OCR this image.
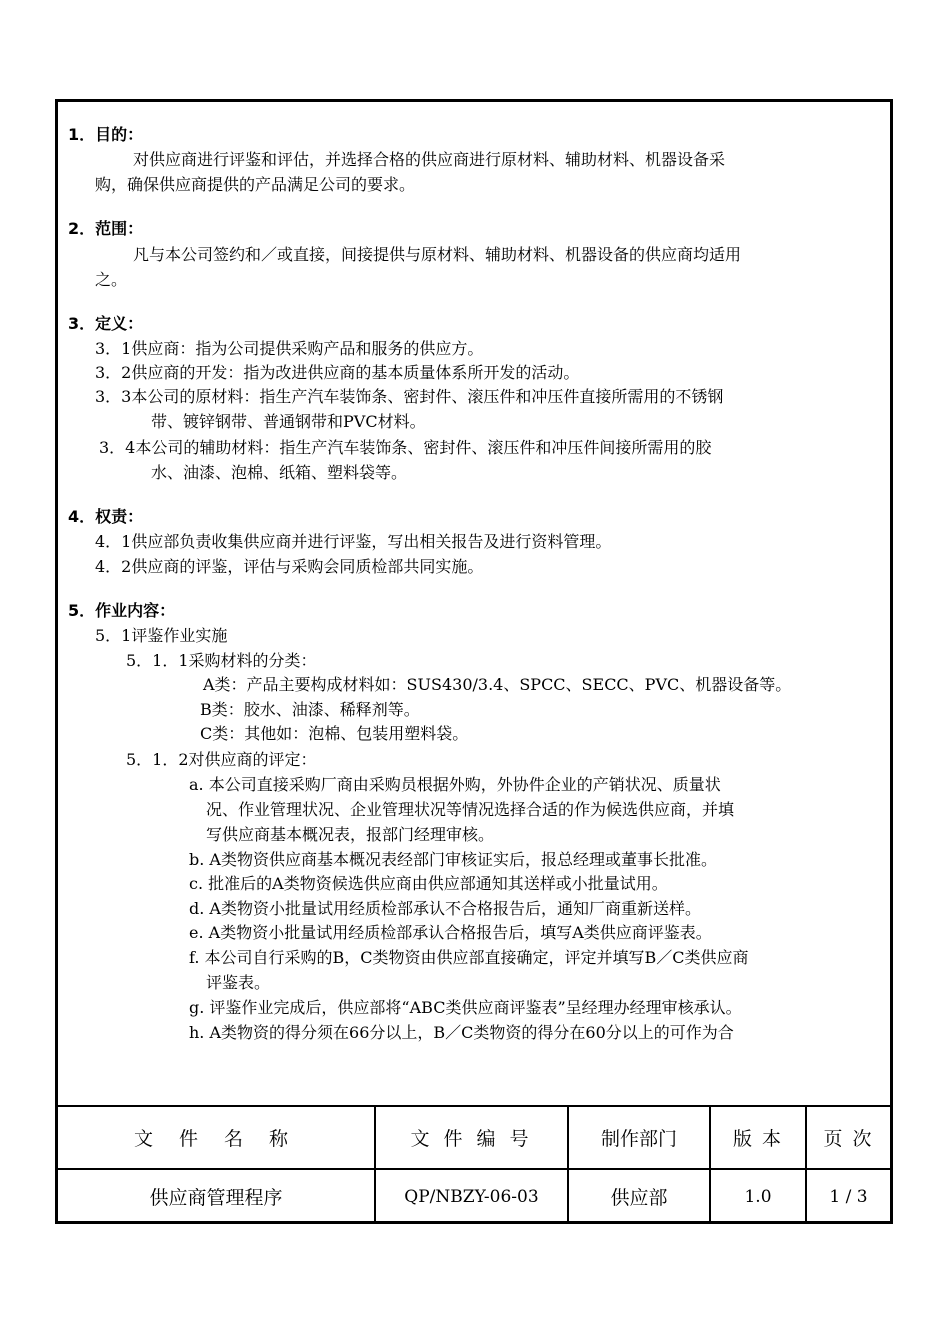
1．目的：
对供应商进行评鉴和评估，并选择合格的供应商进行原材料、辅助材料、机器设备采
购，确保供应商提供的产品满足公司的要求。
2．范围：
凡与本公司签约和／或直接，间接提供与原材料、辅助材料、机器设备的供应商均适用
之。
3．定义：
3．1供应商：指为公司提供采购产品和服务的供应方。
3．2供应商的开发：指为改进供应商的基本质量体系所开发的活动。
3．3本公司的原材料：指生产汽车装饰条、密封件、滚压件和冲压件直接所需用的不锈钢
带、镀锌钢带、普通钢带和PVC材料。
3．4本公司的辅助材料：指生产汽车装饰条、密封件、滚压件和冲压件间接所需用的胶
水、油漆、泡棉、纸箱、塑料袋等。
4．权责：
4．1供应部负责收集供应商并进行评鉴，写出相关报告及进行资料管理。
4．2供应商的评鉴，评估与采购会同质检部共同实施。
5．作业内容：
5．1评鉴作业实施
5．1．1采购材料的分类：
A类：产品主要构成材料如：SUS430/3.4、SPCC、SECC、PVC、机器设备等。
B类：胶水、油漆、稀释剂等。
C类：其他如：泡棉、包装用塑料袋。
5．1．2对供应商的评定：
a. 本公司直接采购厂商由采购员根据外购，外协件企业的产销状况、质量状
况、作业管理状况、企业管理状况等情况选择合适的作为候选供应商，并填
写供应商基本概况表，报部门经理审核。
b. A类物资供应商基本概况表经部门审核证实后，报总经理或董事长批准。
c. 批准后的A类物资候选供应商由供应部通知其送样或小批量试用。
d. A类物资小批量试用经质检部承认不合格报告后，通知厂商重新送样。
e. A类物资小批量试用经质检部承认合格报告后，填写A类供应商评鉴表。
f. 本公司自行采购的B，C类物资由供应部直接确定，评定并填写B／C类供应商
评鉴表。
g. 评鉴作业完成后，供应部将“ABC类供应商评鉴表”呈经理办经理审核承认。
h. A类物资的得分须在66分以上，B／C类物资的得分在60分以上的可作为合
文 件 名 称	文 件 编 号	制作部门	版 本	页 次
供应商管理程序	QP/NBZY-06-03	供应部	1.0	1 / 3
